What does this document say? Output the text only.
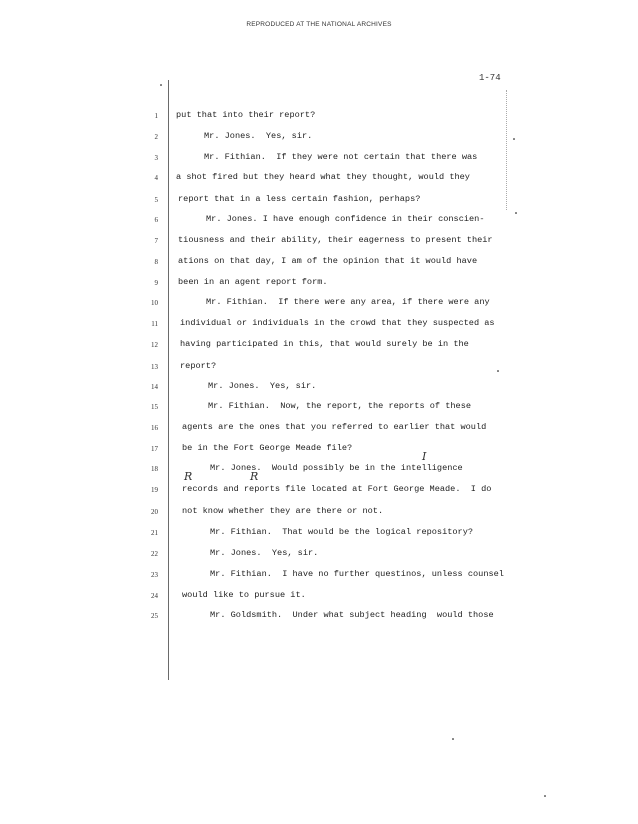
REPRODUCED AT THE NATIONAL ARCHIVES
1-74
1 put that into their report?
2	Mr. Jones.  Yes, sir.
3	Mr. Fithian.  If they were not certain that there was
4 a shot fired but they heard what they thought, would they
5 report that in a less certain fashion, perhaps?
6	Mr. Jones. I have enough confidence in their conscien-
7 tiousness and their ability, their eagerness to present their
8 ations on that day, I am of the opinion that it would have
9 been in an agent report form.
10	Mr. Fithian.  If there were any area, if there were any
11	individual or individuals in the crowd that they suspected as
12	having participated in this, that would surely be in the
13	report?
14	Mr. Jones.  Yes, sir.
15	Mr. Fithian.  Now, the report, the reports of these
16	agents are the ones that you referred to earlier that would
17	be in the Fort George Meade file?
18	Mr. Jones.  Would possibly be in the intelligence
19	records and reports file located at Fort George Meade.  I do
20	not know whether they are there or not.
21	Mr. Fithian.  That would be the logical repository?
22	Mr. Jones.  Yes, sir.
23	Mr. Fithian.  I have no further questinos, unless counsel
24	would like to pursue it.
25	Mr. Goldsmith.  Under what subject heading  would those
I
R	R
